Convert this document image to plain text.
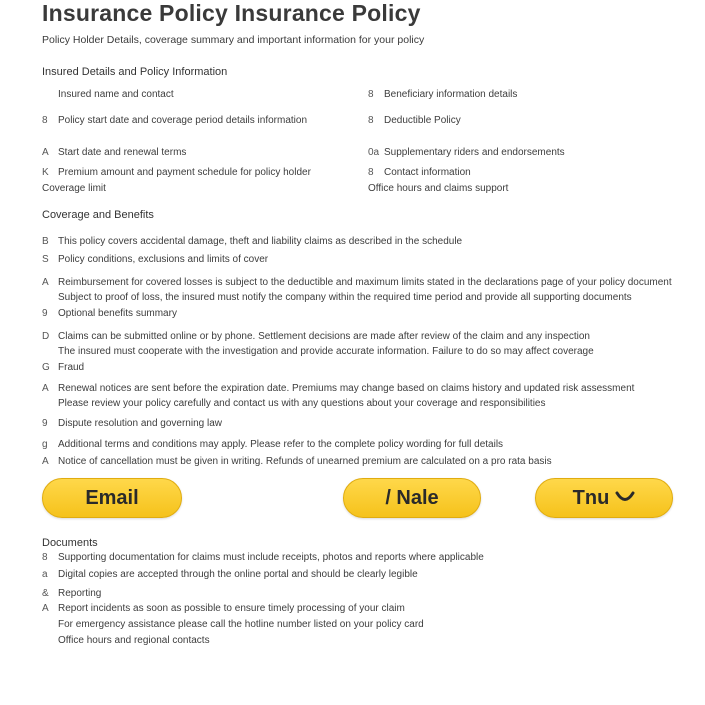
Insurance Policy Insurance Policy
Policy Holder Details, coverage summary and important information for your policy
Insured Details and Policy Information
Insured name and contact
8 Policy start date and coverage period details information
A Start date and renewal terms
K Premium amount and payment schedule for policy holder
Coverage limit
8 Beneficiary information details
8 Deductible Policy
0a Supplementary riders and endorsements
8 Contact information
Office hours and claims support
Coverage and Benefits
B This policy covers accidental damage, theft and liability claims as described in the schedule
S Policy conditions, exclusions and limits of cover
A Reimbursement for covered losses is subject to the deductible and maximum limits stated in the declarations page of your policy document
Subject to proof of loss, the insured must notify the company within the required time period and provide all supporting documents
9 Optional benefits summary
D Claims can be submitted online or by phone. Settlement decisions are made after review of the claim and any inspection
The insured must cooperate with the investigation and provide accurate information. Failure to do so may affect coverage
G Fraud
A Renewal notices are sent before the expiration date. Premiums may change based on claims history and updated risk assessment
Please review your policy carefully and contact us with any questions about your coverage and responsibilities
9 Dispute resolution and governing law
g Additional terms and conditions may apply. Please refer to the complete policy wording for full details
A Notice of cancellation must be given in writing. Refunds of unearned premium are calculated on a pro rata basis
Email	/ Nale	Tnu
Documents
8 Supporting documentation for claims must include receipts, photos and reports where applicable
a Digital copies are accepted through the online portal and should be clearly legible
& Reporting
A Report incidents as soon as possible to ensure timely processing of your claim
For emergency assistance please call the hotline number listed on your policy card
Office hours and regional contacts
